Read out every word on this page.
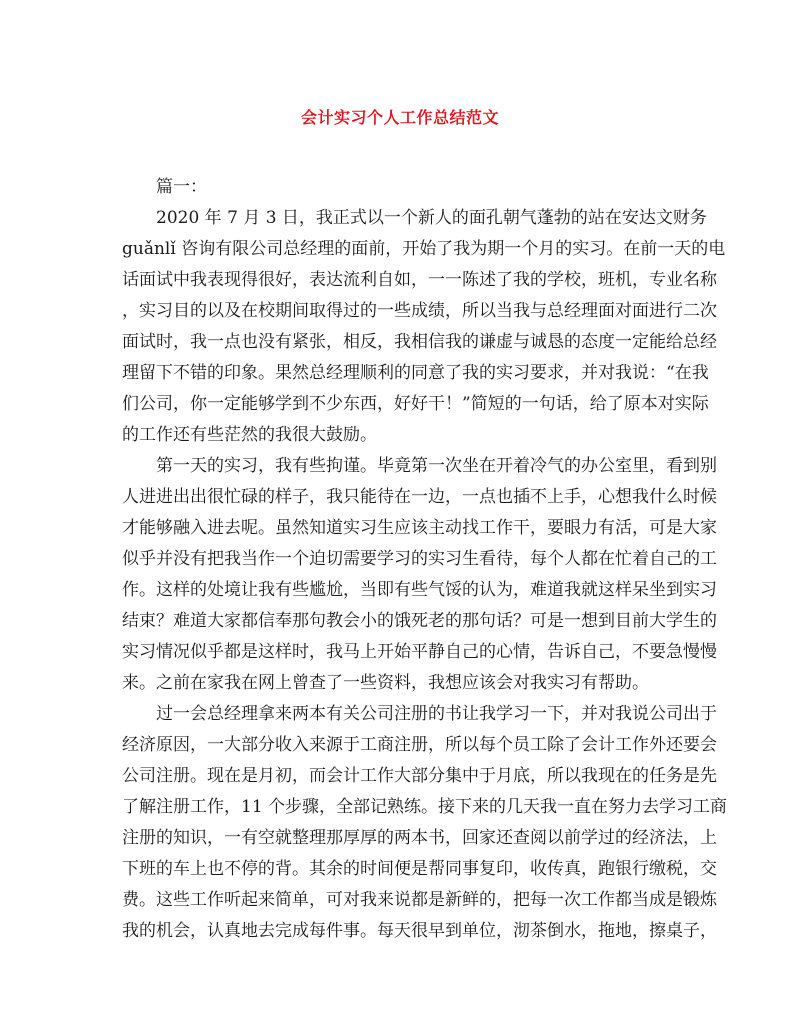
会计实习个人工作总结范文
篇一：
2020 年 7 月 3 日，我正式以一个新人的面孔朝气蓬勃的站在安达文财务
guǎnlǐ 咨询有限公司总经理的面前，开始了我为期一个月的实习。在前一天的电
话面试中我表现得很好，表达流利自如，一一陈述了我的学校，班机，专业名称
，实习目的以及在校期间取得过的一些成绩，所以当我与总经理面对面进行二次
面试时，我一点也没有紧张，相反，我相信我的谦虚与诚恳的态度一定能给总经
理留下不错的印象。果然总经理顺利的同意了我的实习要求，并对我说：“在我
们公司，你一定能够学到不少东西，好好干！”简短的一句话，给了原本对实际
的工作还有些茫然的我很大鼓励。
第一天的实习，我有些拘谨。毕竟第一次坐在开着冷气的办公室里，看到别
人进进出出很忙碌的样子，我只能待在一边，一点也插不上手，心想我什么时候
才能够融入进去呢。虽然知道实习生应该主动找工作干，要眼力有活，可是大家
似乎并没有把我当作一个迫切需要学习的实习生看待，每个人都在忙着自己的工
作。这样的处境让我有些尴尬，当即有些气馁的认为，难道我就这样呆坐到实习
结束？难道大家都信奉那句教会小的饿死老的那句话？可是一想到目前大学生的
实习情况似乎都是这样时，我马上开始平静自己的心情，告诉自己，不要急慢慢
来。之前在家我在网上曾查了一些资料，我想应该会对我实习有帮助。
过一会总经理拿来两本有关公司注册的书让我学习一下，并对我说公司出于
经济原因，一大部分收入来源于工商注册，所以每个员工除了会计工作外还要会
公司注册。现在是月初，而会计工作大部分集中于月底，所以我现在的任务是先
了解注册工作，11 个步骤，全部记熟练。接下来的几天我一直在努力去学习工商
注册的知识，一有空就整理那厚厚的两本书，回家还查阅以前学过的经济法，上
下班的车上也不停的背。其余的时间便是帮同事复印，收传真，跑银行缴税，交
费。这些工作听起来简单，可对我来说都是新鲜的，把每一次工作都当成是锻炼
我的机会，认真地去完成每件事。每天很早到单位，沏茶倒水，拖地，擦桌子，
